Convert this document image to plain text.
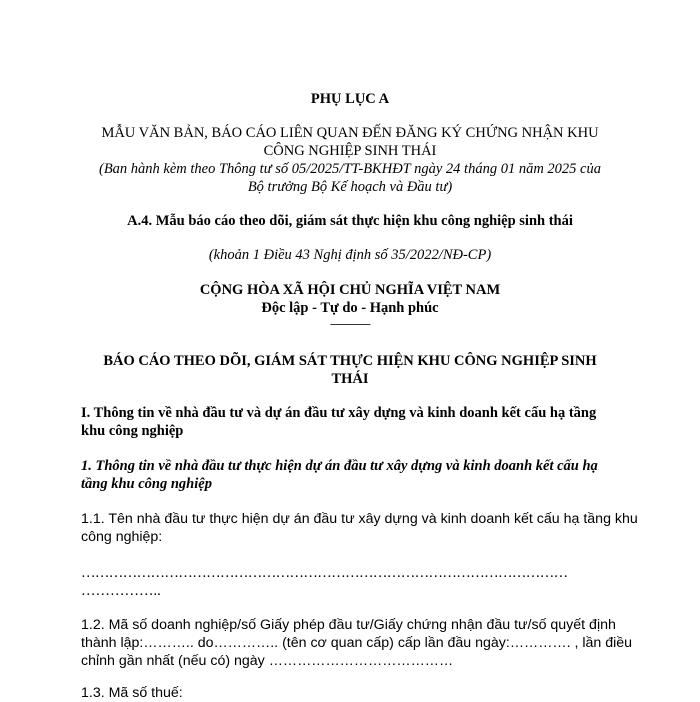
PHỤ LỤC A
MẪU VĂN BẢN, BÁO CÁO LIÊN QUAN ĐẾN ĐĂNG KÝ CHỨNG NHẬN KHU
CÔNG NGHIỆP SINH THÁI
(Ban hành kèm theo Thông tư số 05/2025/TT-BKHĐT ngày 24 tháng 01 năm 2025 của
Bộ trưởng Bộ Kế hoạch và Đầu tư)
A.4. Mẫu báo cáo theo dõi, giám sát thực hiện khu công nghiệp sinh thái
(khoản 1 Điều 43 Nghị định số 35/2022/NĐ-CP)
CỘNG HÒA XÃ HỘI CHỦ NGHĨA VIỆT NAM
Độc lập - Tự do - Hạnh phúc
---------------
BÁO CÁO THEO DÕI, GIÁM SÁT THỰC HIỆN KHU CÔNG NGHIỆP SINH
THÁI
I. Thông tin về nhà đầu tư và dự án đầu tư xây dựng và kinh doanh kết cấu hạ tầng
khu công nghiệp
1. Thông tin về nhà đầu tư thực hiện dự án đầu tư xây dựng và kinh doanh kết cấu hạ
tầng khu công nghiệp
1.1. Tên nhà đầu tư thực hiện dự án đầu tư xây dựng và kinh doanh kết cấu hạ tầng khu
công nghiệp:
……………………………………………………………………………………………
……………..
1.2. Mã số doanh nghiệp/số Giấy phép đầu tư/Giấy chứng nhận đầu tư/số quyết định
thành lập:……….. do………….. (tên cơ quan cấp) cấp lần đầu ngày:…………. , lần điều
chỉnh gần nhất (nếu có) ngày …………………………………
1.3. Mã số thuế:
